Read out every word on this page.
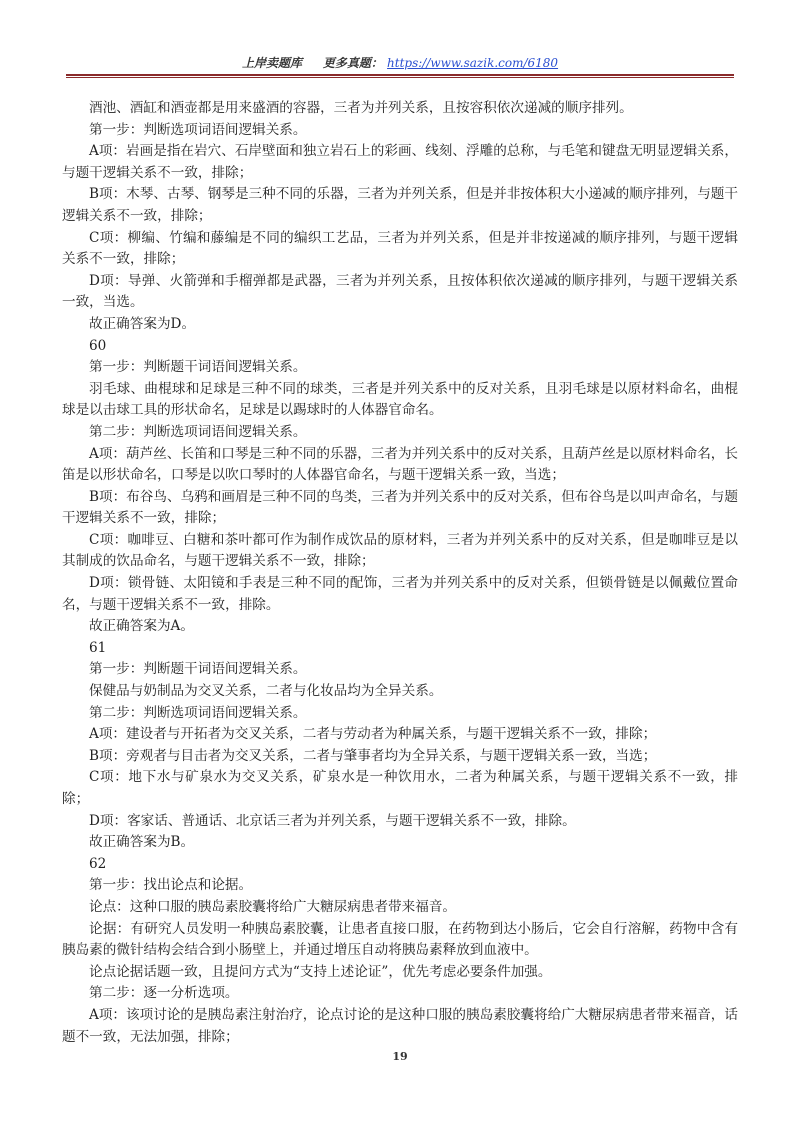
上岸卖题库 更多真题： https://www.sazik.com/6180

酒池、酒缸和酒壶都是用来盛酒的容器，三者为并列关系，且按容积依次递减的顺序排列。

第一步：判断选项词语间逻辑关系。

A项：岩画是指在岩穴、石岸壁面和独立岩石上的彩画、线刻、浮雕的总称，与毛笔和键盘无明显逻辑关系，与题干逻辑关系不一致，排除；

B项：木琴、古琴、钢琴是三种不同的乐器，三者为并列关系，但是并非按体积大小递减的顺序排列，与题干逻辑关系不一致，排除；

C项：柳编、竹编和藤编是不同的编织工艺品，三者为并列关系，但是并非按递减的顺序排列，与题干逻辑关系不一致，排除；

D项：导弹、火箭弹和手榴弹都是武器，三者为并列关系，且按体积依次递减的顺序排列，与题干逻辑关系一致，当选。

故正确答案为D。

60

第一步：判断题干词语间逻辑关系。

羽毛球、曲棍球和足球是三种不同的球类，三者是并列关系中的反对关系，且羽毛球是以原材料命名，曲棍球是以击球工具的形状命名，足球是以踢球时的人体器官命名。

第二步：判断选项词语间逻辑关系。

A项：葫芦丝、长笛和口琴是三种不同的乐器，三者为并列关系中的反对关系，且葫芦丝是以原材料命名，长笛是以形状命名，口琴是以吹口琴时的人体器官命名，与题干逻辑关系一致，当选；

B项：布谷鸟、乌鸦和画眉是三种不同的鸟类，三者为并列关系中的反对关系，但布谷鸟是以叫声命名，与题干逻辑关系不一致，排除；

C项：咖啡豆、白糖和茶叶都可作为制作成饮品的原材料，三者为并列关系中的反对关系，但是咖啡豆是以其制成的饮品命名，与题干逻辑关系不一致，排除；

D项：锁骨链、太阳镜和手表是三种不同的配饰，三者为并列关系中的反对关系，但锁骨链是以佩戴位置命名，与题干逻辑关系不一致，排除。

故正确答案为A。

61

第一步：判断题干词语间逻辑关系。

保健品与奶制品为交叉关系，二者与化妆品均为全异关系。

第二步：判断选项词语间逻辑关系。

A项：建设者与开拓者为交叉关系，二者与劳动者为种属关系，与题干逻辑关系不一致，排除；

B项：旁观者与目击者为交叉关系，二者与肇事者均为全异关系，与题干逻辑关系一致，当选；

C项：地下水与矿泉水为交叉关系，矿泉水是一种饮用水，二者为种属关系，与题干逻辑关系不一致，排除；

D项：客家话、普通话、北京话三者为并列关系，与题干逻辑关系不一致，排除。

故正确答案为B。

62

第一步：找出论点和论据。

论点：这种口服的胰岛素胶囊将给广大糖尿病患者带来福音。

论据：有研究人员发明一种胰岛素胶囊，让患者直接口服，在药物到达小肠后，它会自行溶解，药物中含有胰岛素的微针结构会结合到小肠壁上，并通过增压自动将胰岛素释放到血液中。

论点论据话题一致，且提问方式为“支持上述论证”，优先考虑必要条件加强。

第二步：逐一分析选项。

A项：该项讨论的是胰岛素注射治疗，论点讨论的是这种口服的胰岛素胶囊将给广大糖尿病患者带来福音，话题不一致，无法加强，排除；

19
